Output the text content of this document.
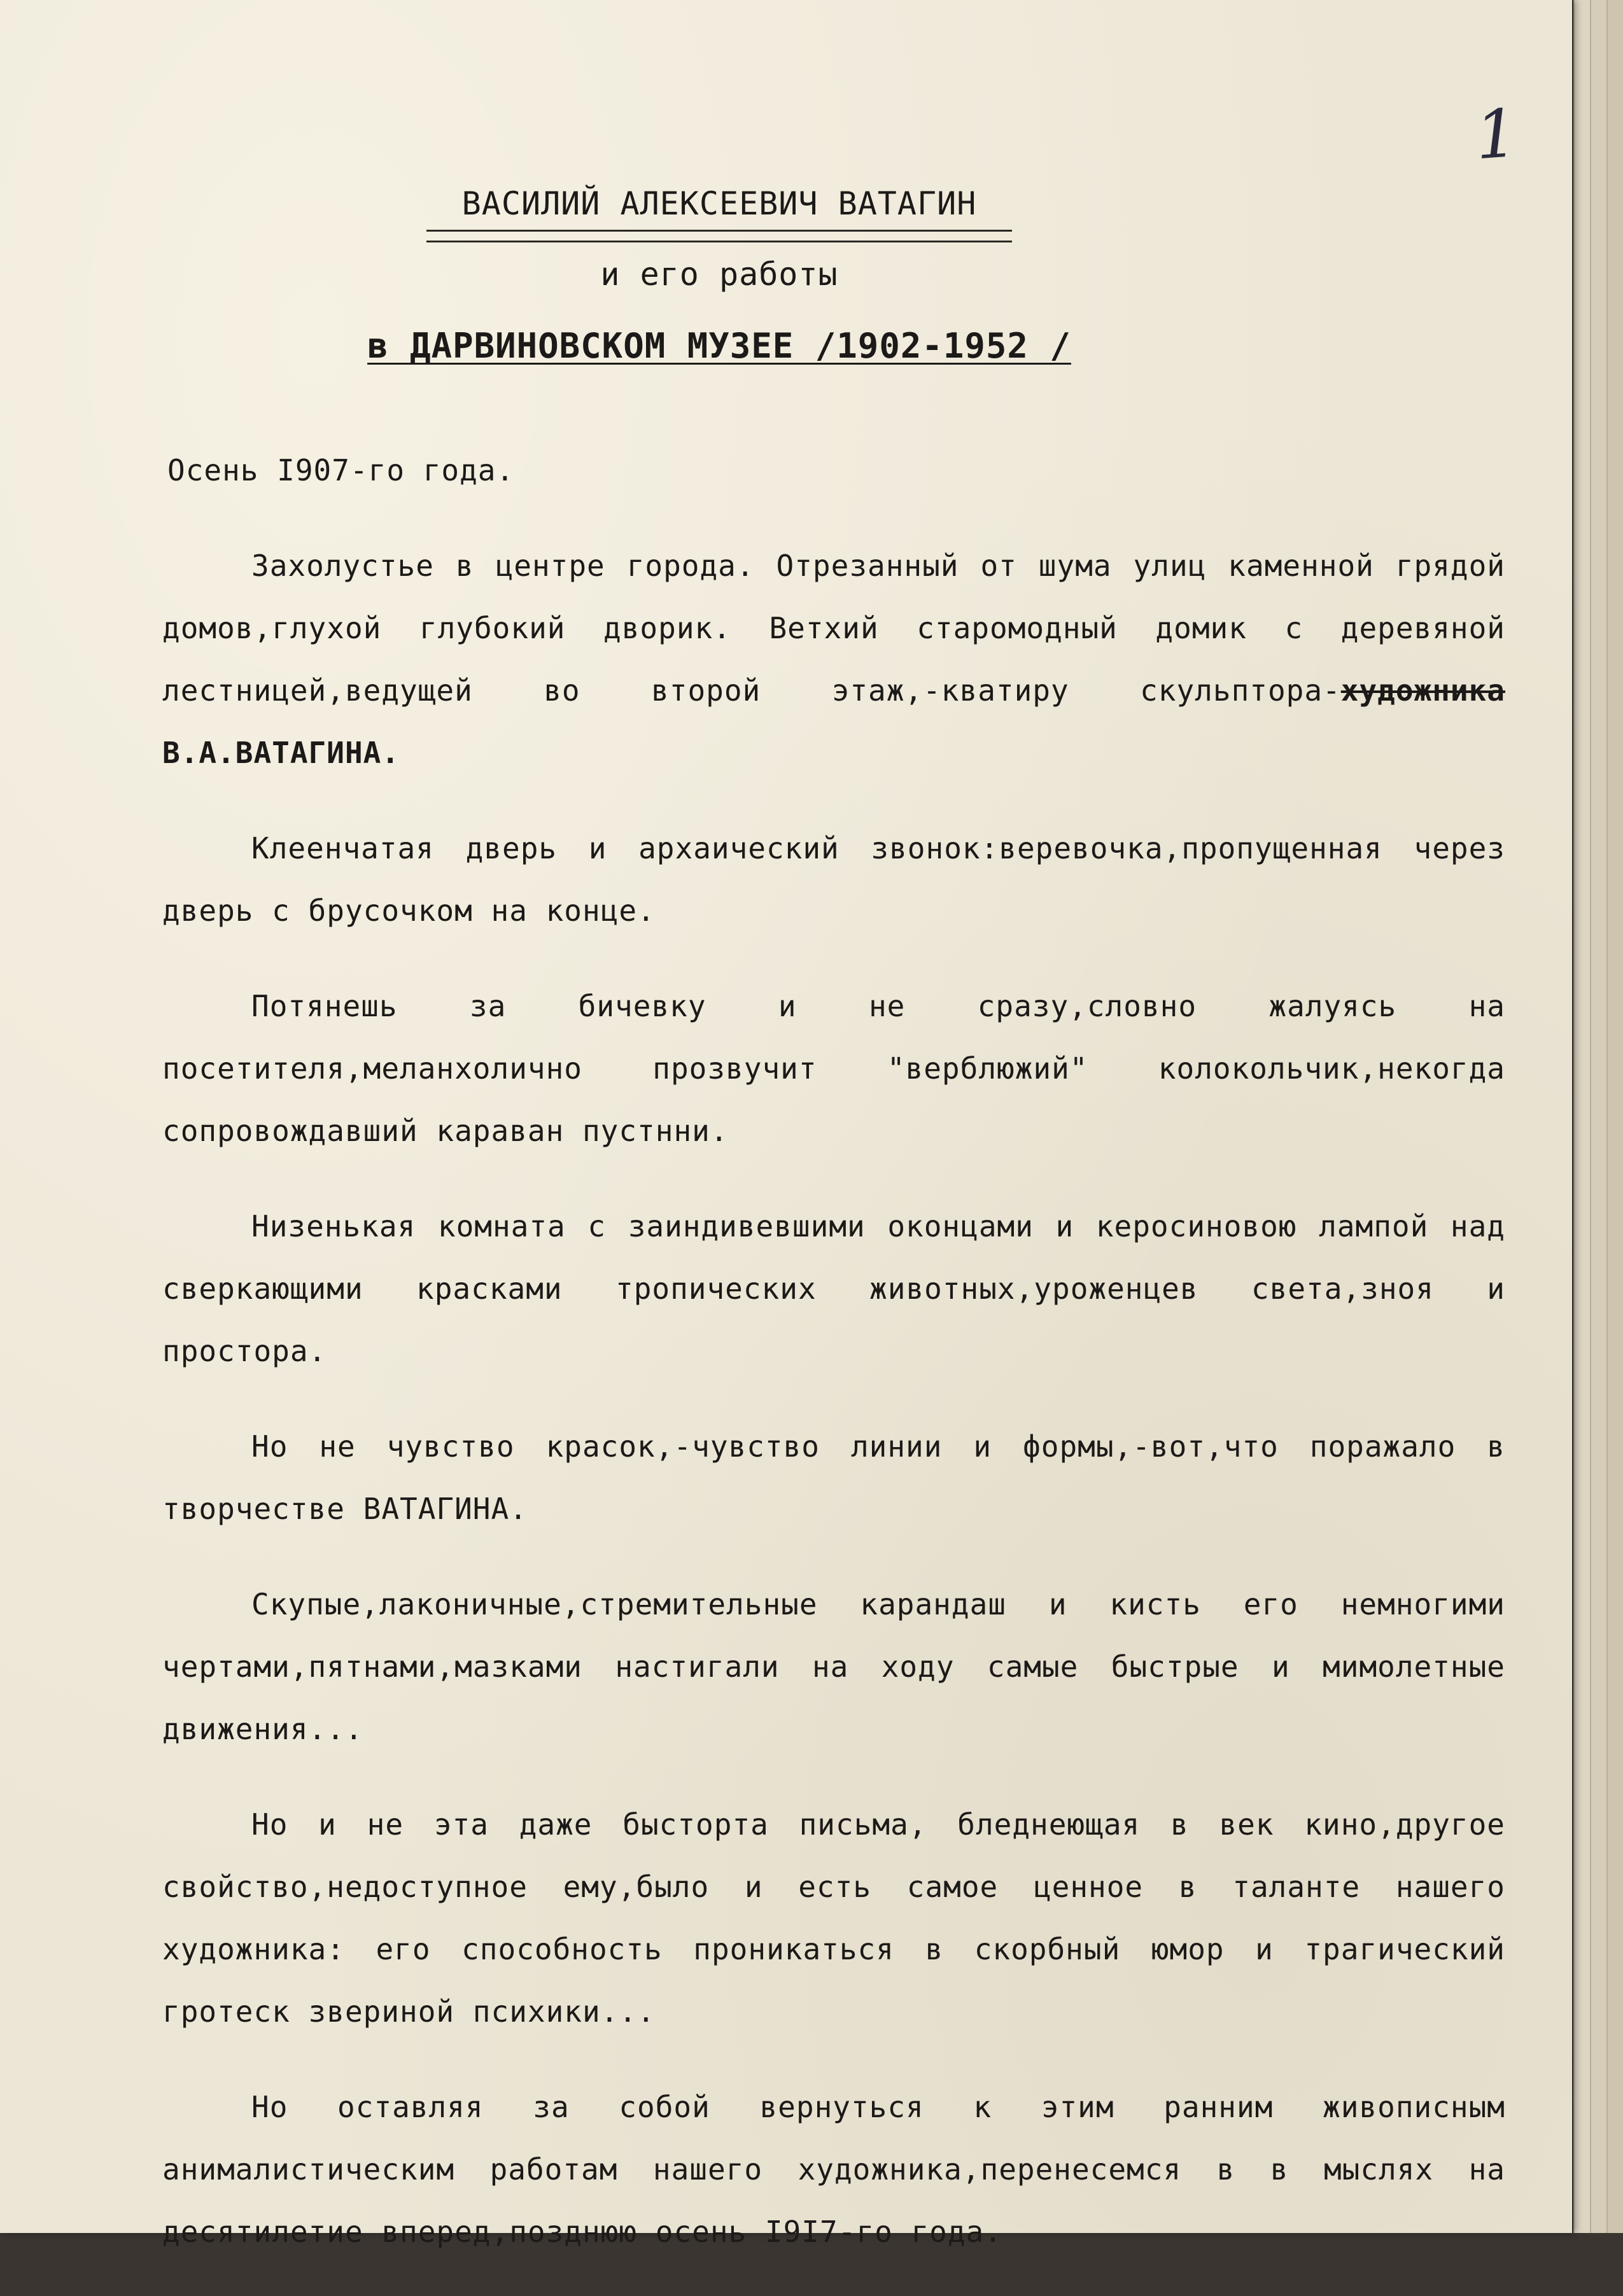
1
ВАСИЛИЙ АЛЕКСЕЕВИЧ ВАТАГИН
и его работы
в ДАРВИНОВСКОМ МУЗЕЕ /1902-1952 /

Осень I907-го года.

Захолустье в центре города. Отрезанный от шума улиц каменной грядой домов,глухой глубокий дворик. Ветхий старомодный домик с деревяной лестницей,ведущей во второй этаж,-кватиру скульптора-художника В.А.ВАТАГИНА.

Клеенчатая дверь и архаический звонок:веревочка,пропущенная через дверь с брусочком на конце.

Потянешь за бичевку и не сразу,словно жалуясь на посетителя,меланхолично прозвучит "верблюжий" колокольчик,некогда сопровождавший караван пустнни.

Низенькая комната с заиндивевшими оконцами и керосиновою лампой над сверкающими красками тропических животных,уроженцев света,зноя и простора.

Но не чувство красок,-чувство линии и формы,-вот,что поражало в творчестве ВАТАГИНА.

Скупые,лаконичные,стремительные карандаш и кисть его немногими чертами,пятнами,мазками настигали на ходу самые быстрые и мимолетные движения...

Но и не эта даже бысторта письма, бледнеющая в век кино,другое свойство,недоступное ему,было и есть самое ценное в таланте нашего художника: его способность проникаться в скорбный юмор и трагический гротеск звериной психики...

Но оставляя за собой вернуться к этим ранним живописным анималистическим работам нашего художника,перенесемся в в мыслях на десятилетие вперед,позднюю осень I9I7-го года.
